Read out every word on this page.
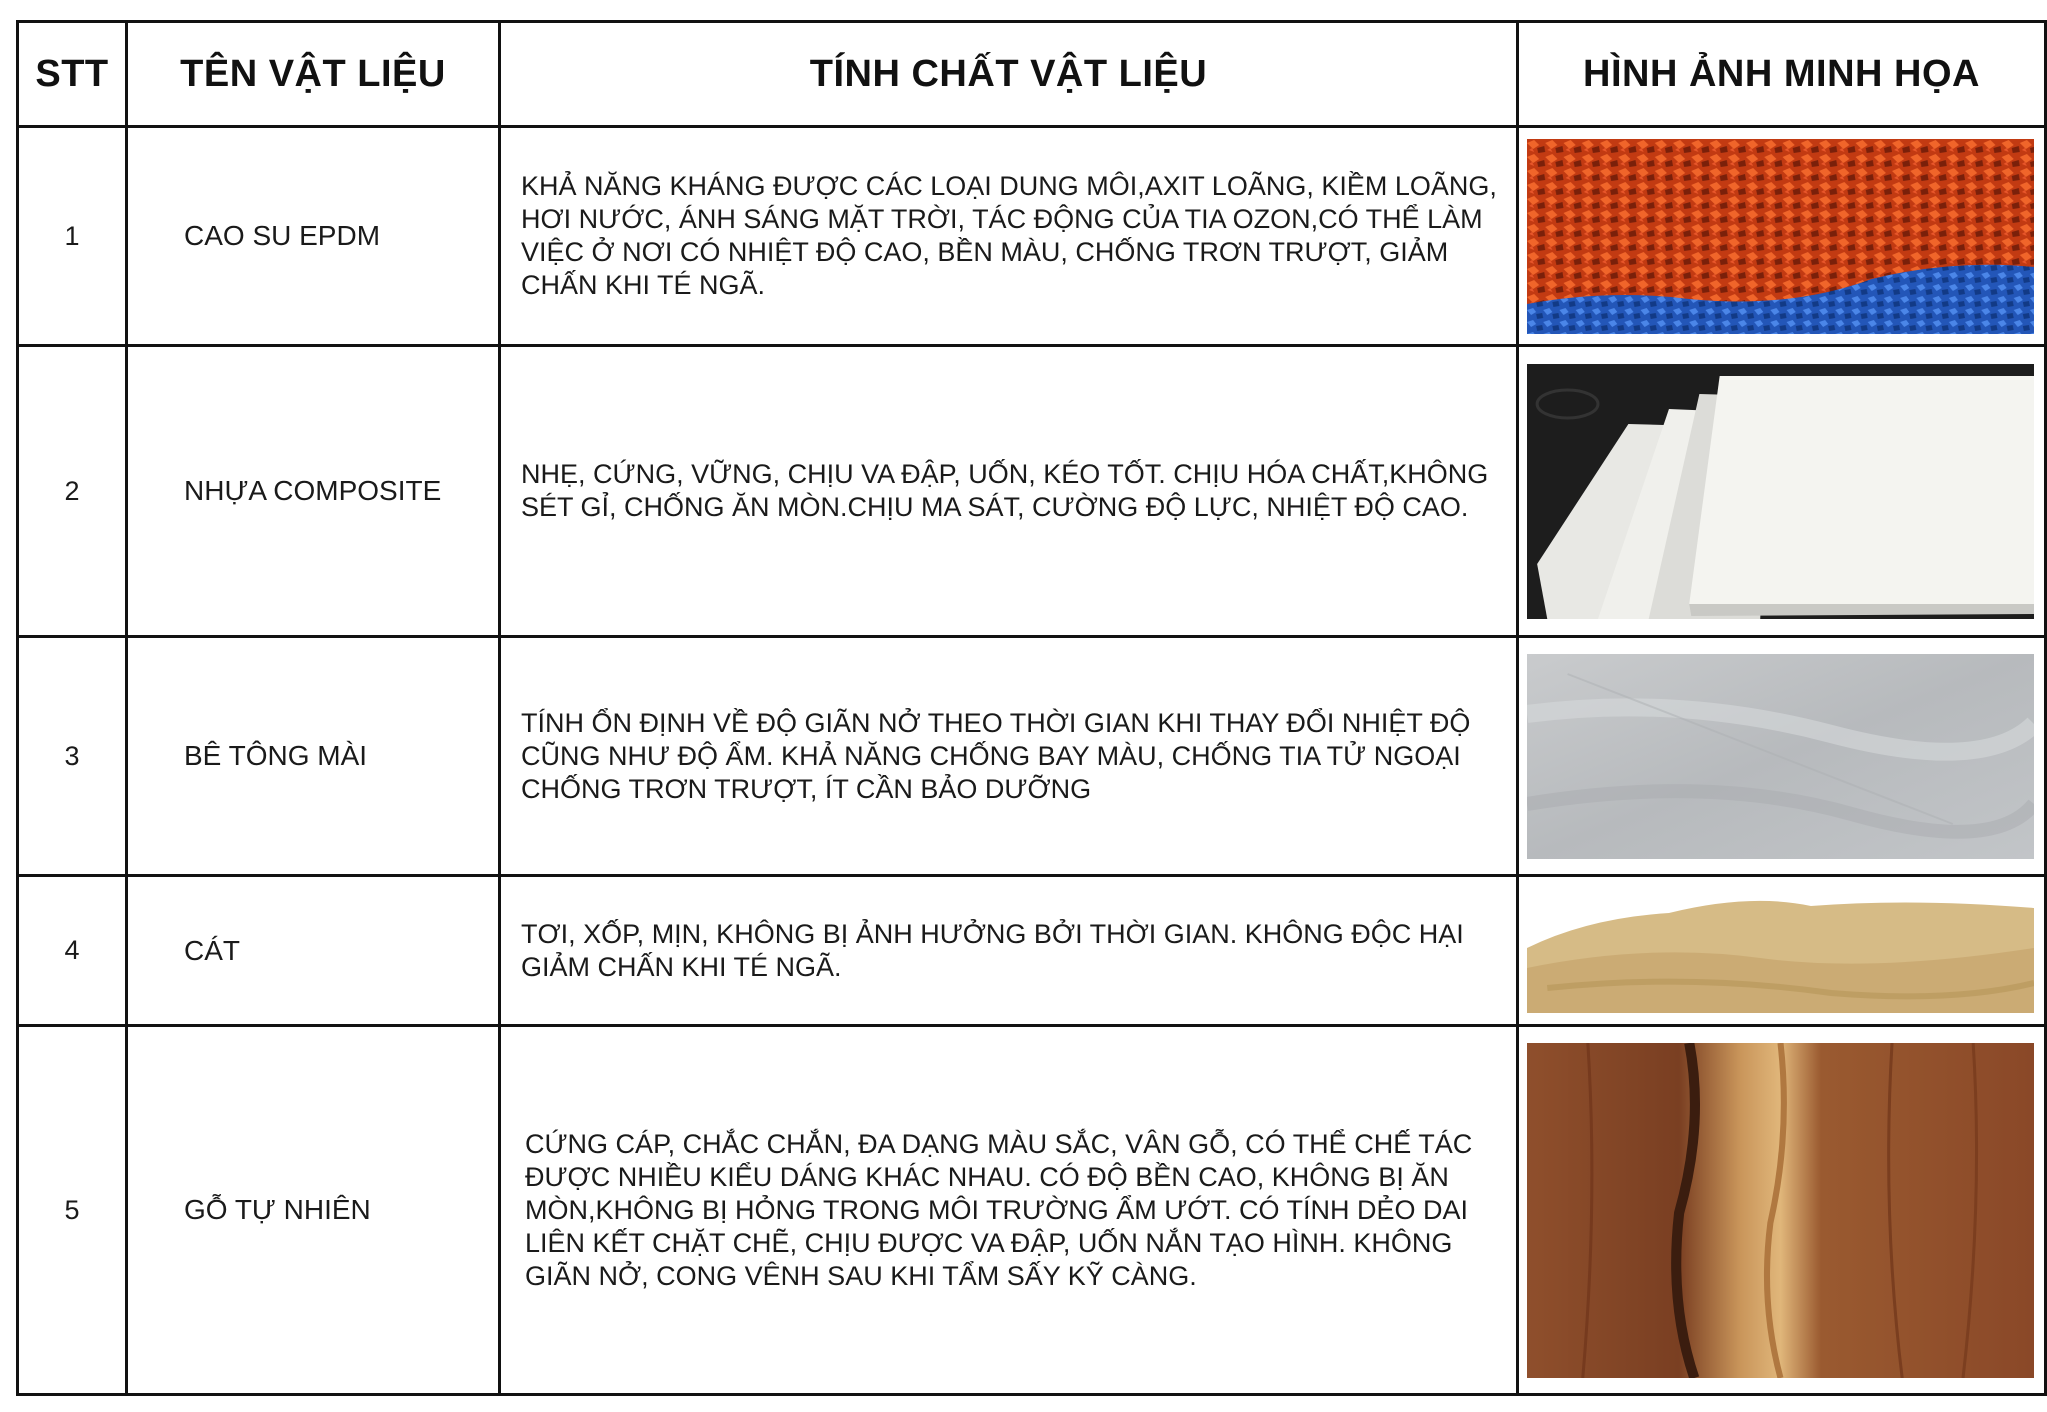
STT	TÊN VẬT LIỆU	TÍNH CHẤT VẬT LIỆU	HÌNH ẢNH MINH HỌA
1	CAO SU EPDM	KHẢ NĂNG KHÁNG ĐƯỢC CÁC LOẠI DUNG MÔI,AXIT LOÃNG, KIỀM LOÃNG, HƠI NƯỚC, ÁNH SÁNG MẶT TRỜI, TÁC ĐỘNG CỦA TIA OZON,CÓ THỂ LÀM VIỆC Ở NƠI CÓ NHIỆT ĐỘ CAO, BỀN MÀU, CHỐNG TRƠN TRƯỢT, GIẢM CHẤN KHI TÉ NGÃ.

2	NHỰA COMPOSITE	NHẸ, CỨNG, VỮNG, CHỊU VA ĐẬP, UỐN, KÉO TỐT. CHỊU HÓA CHẤT,KHÔNG SÉT GỈ, CHỐNG ĂN MÒN.CHỊU MA SÁT, CƯỜNG ĐỘ LỰC, NHIỆT ĐỘ CAO.

3	BÊ TÔNG MÀI	TÍNH ỔN ĐỊNH VỀ ĐỘ GIÃN NỞ THEO THỜI GIAN KHI THAY ĐỔI NHIỆT ĐỘ CŨNG NHƯ ĐỘ ẨM. KHẢ NĂNG CHỐNG BAY MÀU, CHỐNG TIA TỬ NGOẠI CHỐNG TRƠN TRƯỢT, ÍT CẦN BẢO DƯỠNG

4	CÁT	TƠI, XỐP, MỊN, KHÔNG BỊ ẢNH HƯỞNG BỞI THỜI GIAN. KHÔNG ĐỘC HẠI GIẢM CHẤN KHI TÉ NGÃ.

5	GỖ TỰ NHIÊN	CỨNG CÁP, CHẮC CHẮN, ĐA DẠNG MÀU SẮC, VÂN GỖ, CÓ THỂ CHẾ TÁC ĐƯỢC NHIỀU KIỂU DÁNG KHÁC NHAU. CÓ ĐỘ BỀN CAO, KHÔNG BỊ ĂN MÒN,KHÔNG BỊ HỎNG TRONG MÔI TRƯỜNG ẨM ƯỚT. CÓ TÍNH DẺO DAI LIÊN KẾT CHẶT CHẼ, CHỊU ĐƯỢC VA ĐẬP, UỐN NẮN TẠO HÌNH. KHÔNG GIÃN NỞ, CONG VÊNH SAU KHI TẨM SẤY KỸ CÀNG.
